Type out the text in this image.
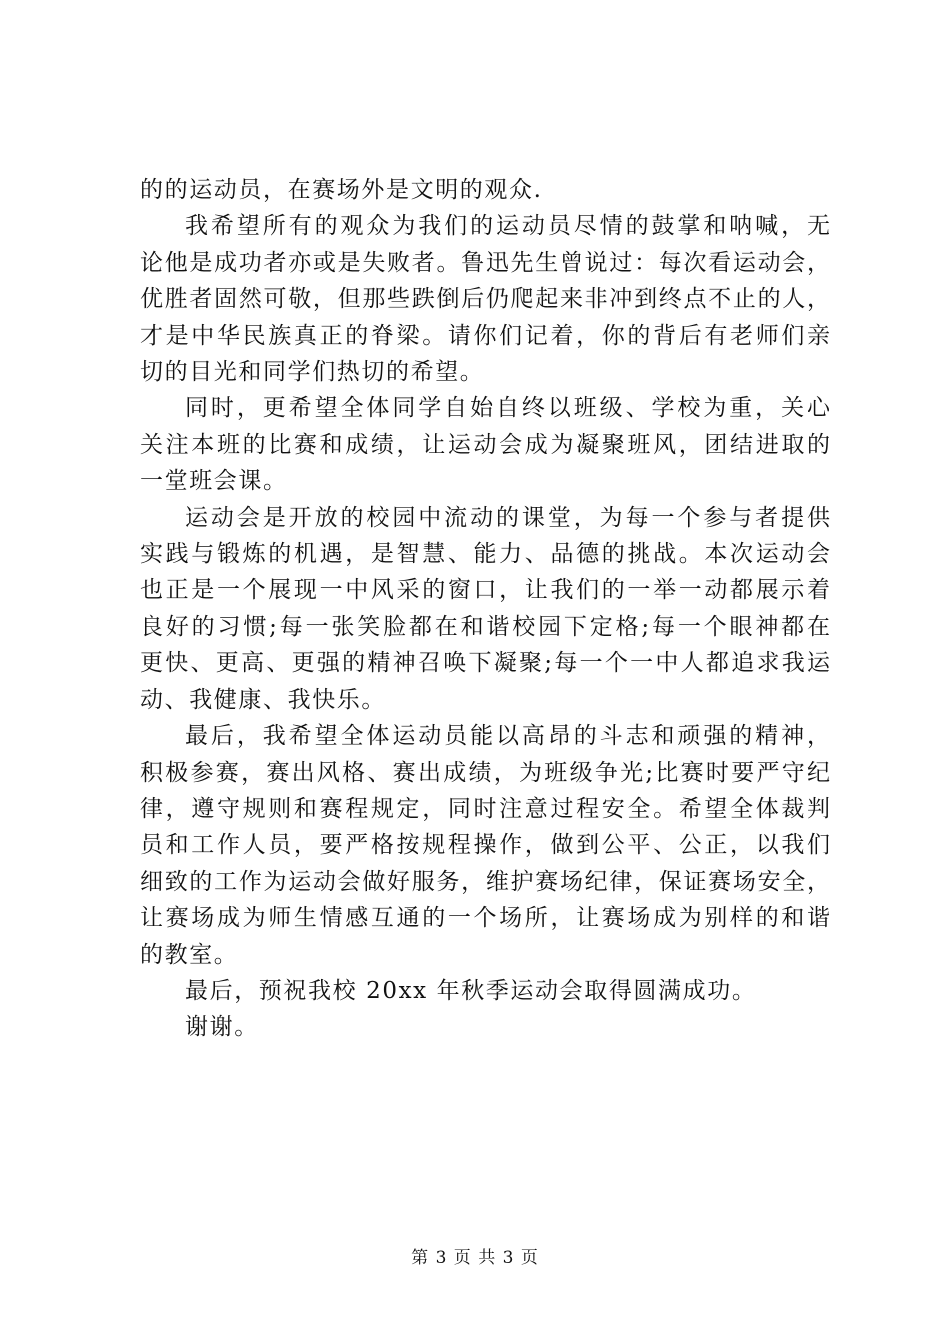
的的运动员，在赛场外是文明的观众.
我希望所有的观众为我们的运动员尽情的鼓掌和呐喊，无
论他是成功者亦或是失败者。鲁迅先生曾说过：每次看运动会，
优胜者固然可敬，但那些跌倒后仍爬起来非冲到终点不止的人，
才是中华民族真正的脊梁。请你们记着，你的背后有老师们亲
切的目光和同学们热切的希望。
同时，更希望全体同学自始自终以班级、学校为重，关心
关注本班的比赛和成绩，让运动会成为凝聚班风，团结进取的
一堂班会课。
运动会是开放的校园中流动的课堂，为每一个参与者提供
实践与锻炼的机遇，是智慧、能力、品德的挑战。本次运动会
也正是一个展现一中风采的窗口，让我们的一举一动都展示着
良好的习惯;每一张笑脸都在和谐校园下定格;每一个眼神都在
更快、更高、更强的精神召唤下凝聚;每一个一中人都追求我运
动、我健康、我快乐。
最后，我希望全体运动员能以高昂的斗志和顽强的精神，
积极参赛，赛出风格、赛出成绩，为班级争光;比赛时要严守纪
律，遵守规则和赛程规定，同时注意过程安全。希望全体裁判
员和工作人员，要严格按规程操作，做到公平、公正，以我们
细致的工作为运动会做好服务，维护赛场纪律，保证赛场安全，
让赛场成为师生情感互通的一个场所，让赛场成为别样的和谐
的教室。
最后，预祝我校 20xx 年秋季运动会取得圆满成功。
谢谢。
第 3 页 共 3 页
